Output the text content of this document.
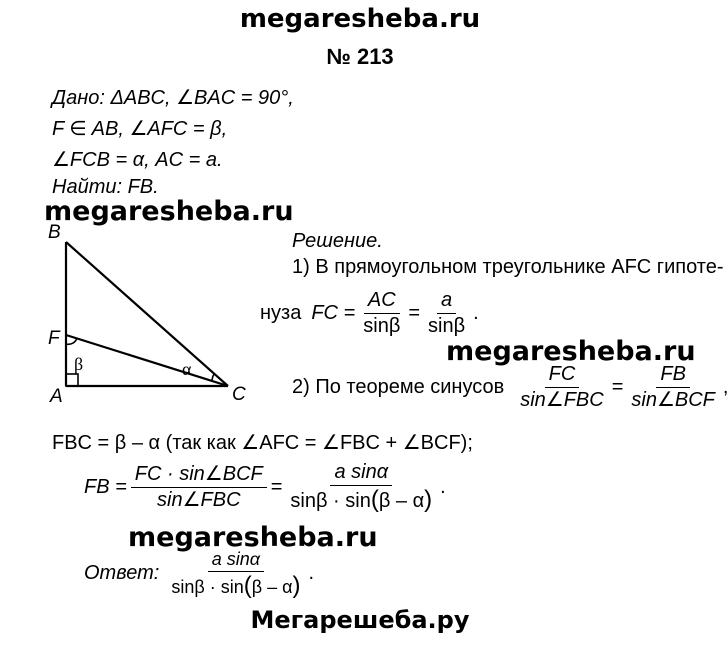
megaresheba.ru
№ 213
Дано: ΔABC, ∠BAC = 90°,
F ∈ AB, ∠AFC = β,
∠FCB = α, AC = a.
Найти: FB.
megaresheba.ru
B
F
A	C
β	α
Решение.
1) В прямоугольном треугольнике AFC гипоте-
нуза FC = $\frac{AC}{\sin\beta} = \frac{a}{\sin\beta}$ .
megaresheba.ru
2) По теореме синусов $\frac{FC}{\text{sin∠FBC}} = \frac{FB}{\text{sin∠BCF}}$ ,
FBC = β – α (так как ∠AFC = ∠FBC + ∠BCF);
FB = $\frac{\text{FC · sin∠BCF}}{\text{sin∠FBC}} = \frac{\text{a sinα}}{\sin\beta \cdot \sin(\beta - \alpha)}$ .
megaresheba.ru
Ответ: $\frac{\text{a sinα}}{\sin\beta \cdot \sin(\beta - \alpha)}$ .
Мегарешеба.ру
